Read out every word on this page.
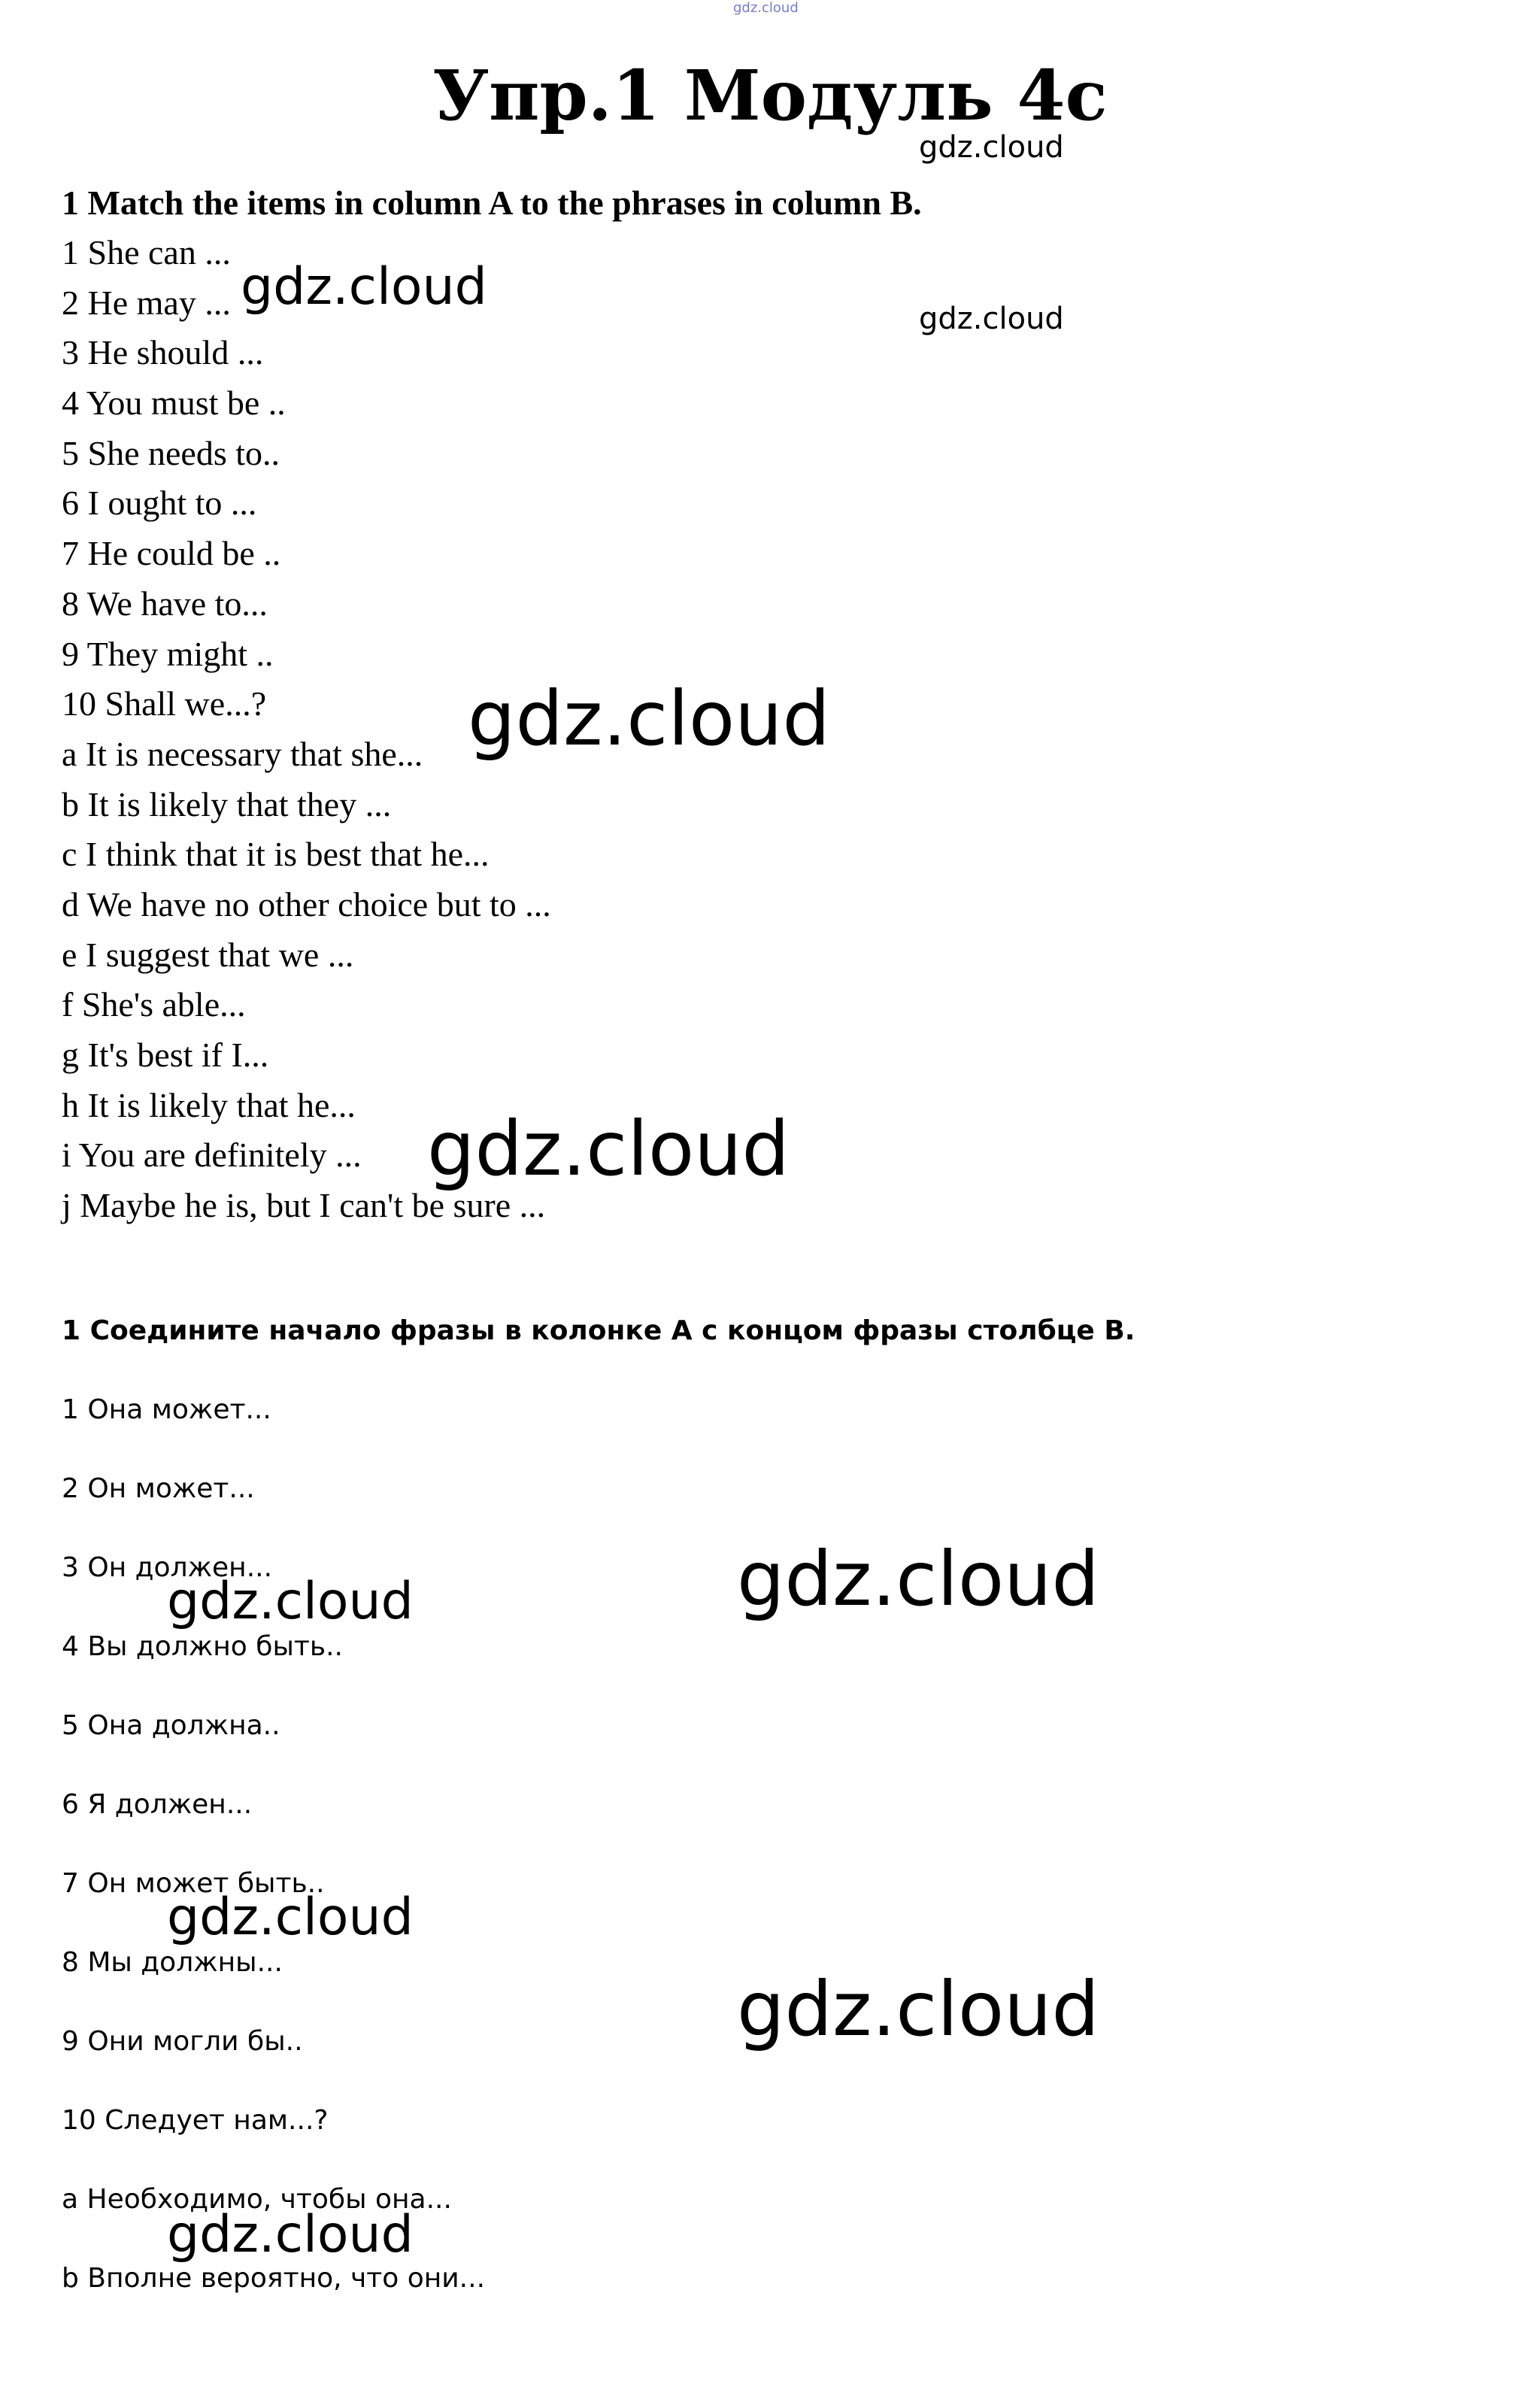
gdz.cloud
Упр.1 Модуль 4с
1 Match the items in column A to the phrases in column B.
1 She can ...
2 He may ...
3 He should ...
4 You must be ..
5 She needs to..
6 I ought to ...
7 He could be ..
8 We have to...
9 They might ..
10 Shall we...?
a It is necessary that she...
b It is likely that they ...
c I think that it is best that he...
d We have no other choice but to ...
e I suggest that we ...
f She's able...
g It's best if I...
h It is likely that he...
i You are definitely ...
j Maybe he is, but I can't be sure ...
1 Соедините начало фразы в колонке А с концом фразы столбце В.
1 Она может...
2 Он может...
3 Он должен...
4 Вы должно быть..
5 Она должна..
6 Я должен...
7 Он может быть..
8 Мы должны...
9 Они могли бы..
10 Следует нам...?
a Необходимо, чтобы она...
b Вполне вероятно, что они...
gdz.cloud
gdz.cloud
gdz.cloud
gdz.cloud
gdz.cloud
gdz.cloud	gdz.cloud
gdz.cloud
gdz.cloud
gdz.cloud
